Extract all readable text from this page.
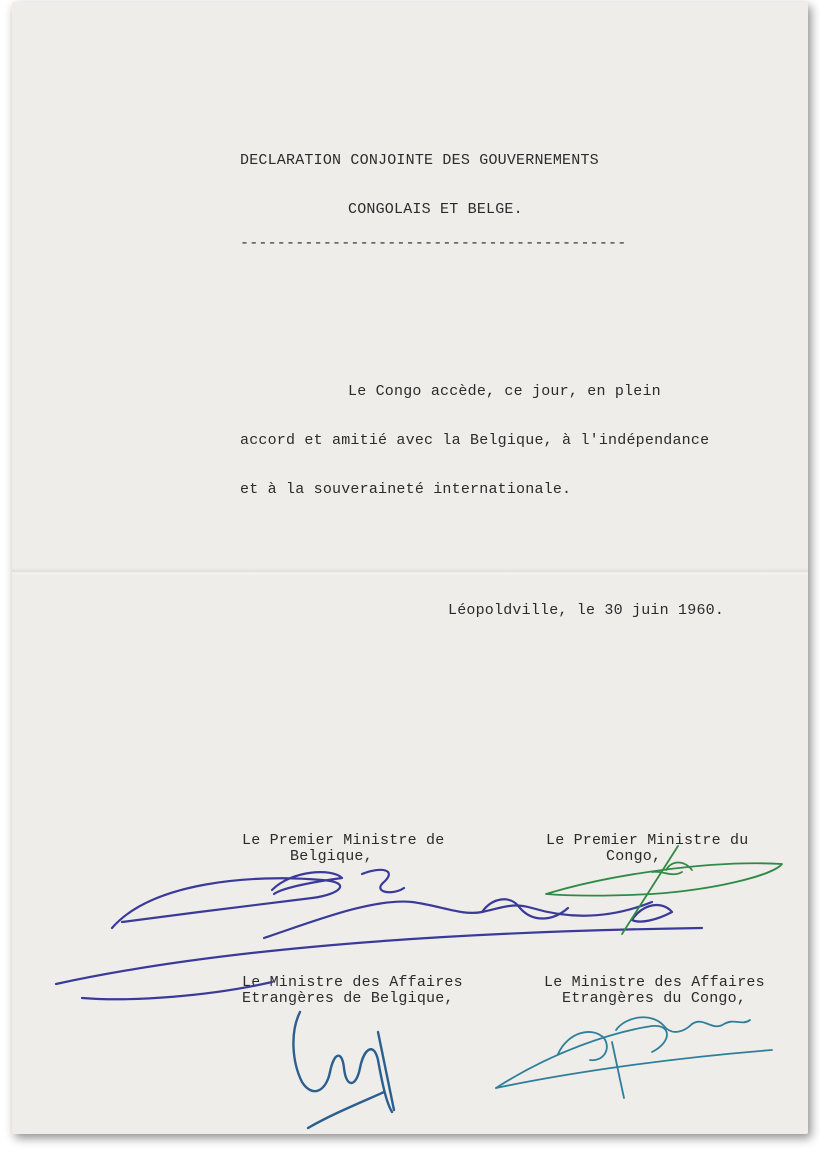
DECLARATION CONJOINTE DES GOUVERNEMENTS

CONGOLAIS ET BELGE.

------------------------------------------

Le Congo accède, ce jour, en plein

accord et amitié avec la Belgique, à l'indépendance

et à la souveraineté internationale.

Léopoldville, le 30 juin 1960.

Le Premier Ministre de

Belgique,

Le Premier Ministre du

Congo,

Le Ministre des Affaires

Etrangères de Belgique,

Le Ministre des Affaires

Etrangères du Congo,
